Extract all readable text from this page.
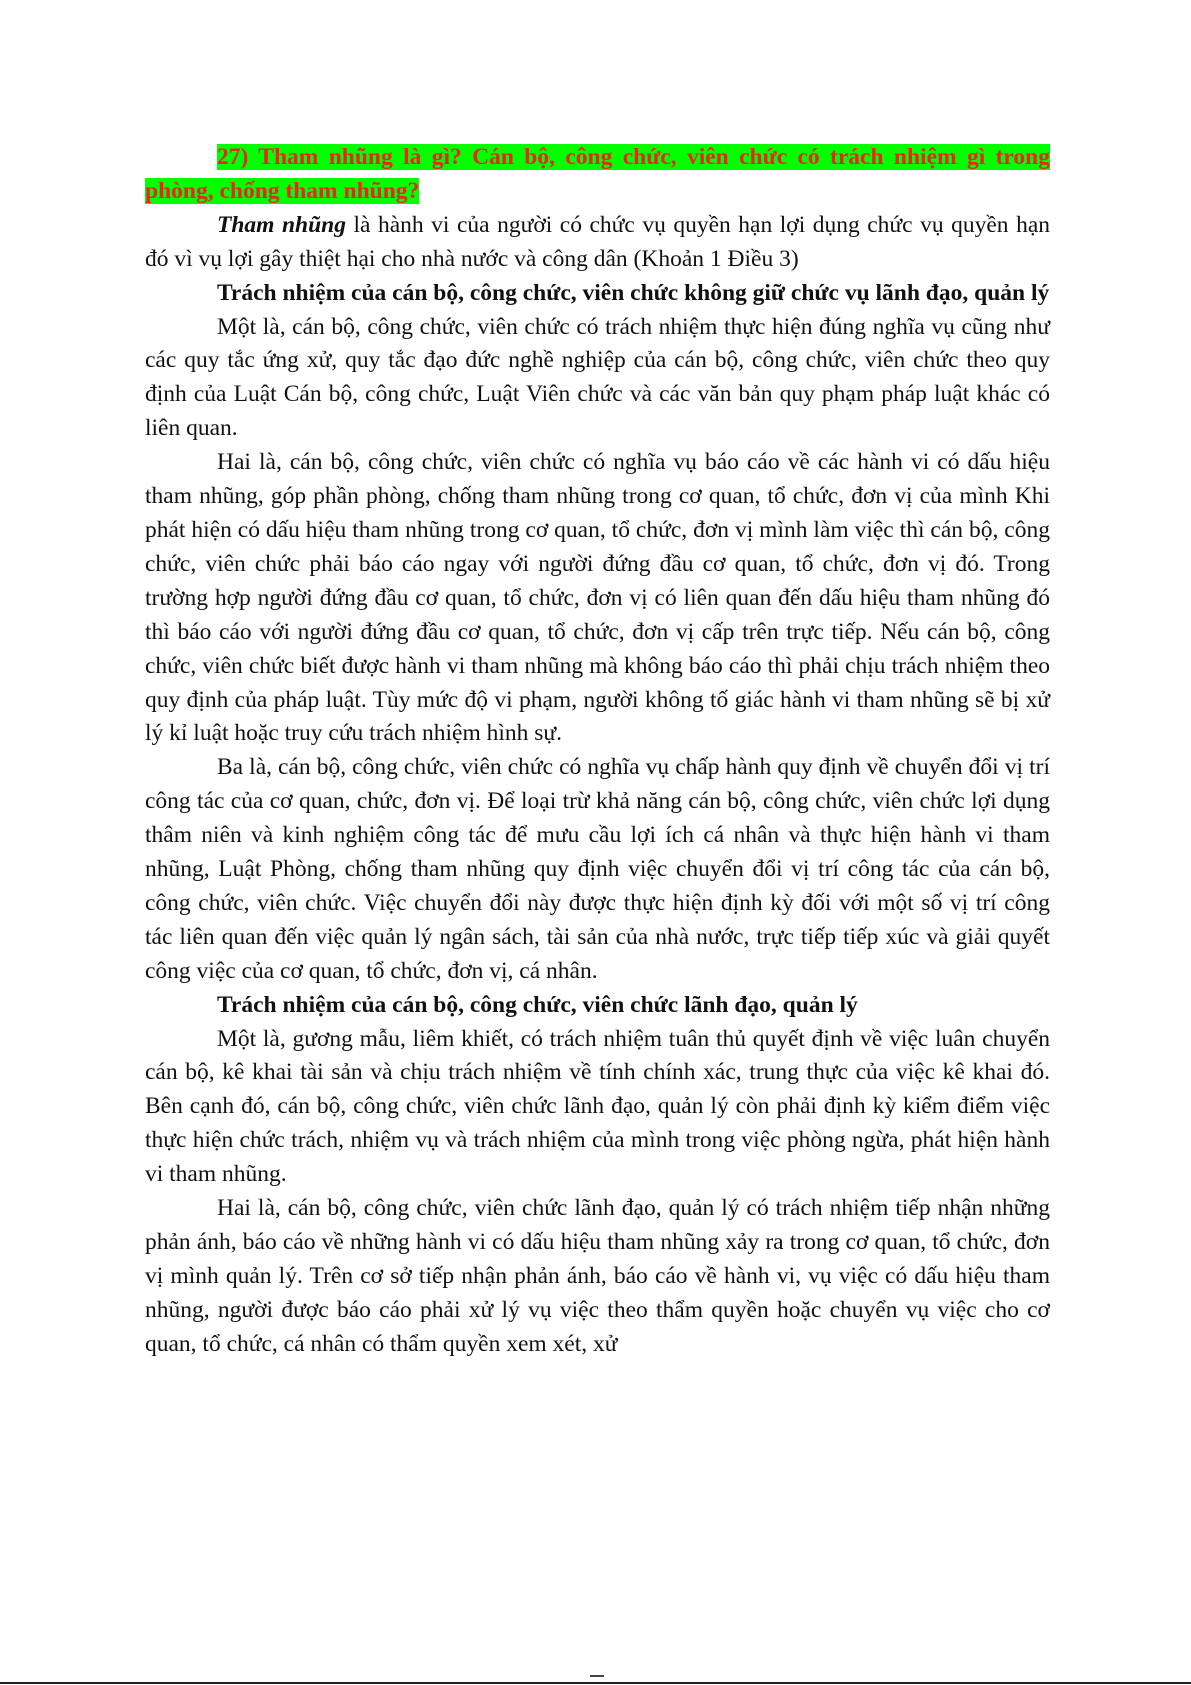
27) Tham nhũng là gì? Cán bộ, công chức, viên chức có trách nhiệm gì trong phòng, chống tham nhũng?

Tham nhũng là hành vi của người có chức vụ quyền hạn lợi dụng chức vụ quyền hạn đó vì vụ lợi gây thiệt hại cho nhà nước và công dân (Khoản 1 Điều 3)

Trách nhiệm của cán bộ, công chức, viên chức không giữ chức vụ lãnh đạo, quản lý

Một là, cán bộ, công chức, viên chức có trách nhiệm thực hiện đúng nghĩa vụ cũng như các quy tắc ứng xử, quy tắc đạo đức nghề nghiệp của cán bộ, công chức, viên chức theo quy định của Luật Cán bộ, công chức, Luật Viên chức và các văn bản quy phạm pháp luật khác có liên quan.

Hai là, cán bộ, công chức, viên chức có nghĩa vụ báo cáo về các hành vi có dấu hiệu tham nhũng, góp phần phòng, chống tham nhũng trong cơ quan, tổ chức, đơn vị của mình Khi phát hiện có dấu hiệu tham nhũng trong cơ quan, tổ chức, đơn vị mình làm việc thì cán bộ, công chức, viên chức phải báo cáo ngay với người đứng đầu cơ quan, tổ chức, đơn vị đó. Trong trường hợp người đứng đầu cơ quan, tổ chức, đơn vị có liên quan đến dấu hiệu tham nhũng đó thì báo cáo với người đứng đầu cơ quan, tổ chức, đơn vị cấp trên trực tiếp. Nếu cán bộ, công chức, viên chức biết được hành vi tham nhũng mà không báo cáo thì phải chịu trách nhiệm theo quy định của pháp luật. Tùy mức độ vi phạm, người không tố giác hành vi tham nhũng sẽ bị xử lý kỉ luật hoặc truy cứu trách nhiệm hình sự.

Ba là, cán bộ, công chức, viên chức có nghĩa vụ chấp hành quy định về chuyển đổi vị trí công tác của cơ quan, chức, đơn vị. Để loại trừ khả năng cán bộ, công chức, viên chức lợi dụng thâm niên và kinh nghiệm công tác để mưu cầu lợi ích cá nhân và thực hiện hành vi tham nhũng, Luật Phòng, chống tham nhũng quy định việc chuyển đổi vị trí công tác của cán bộ, công chức, viên chức. Việc chuyển đổi này được thực hiện định kỳ đối với một số vị trí công tác liên quan đến việc quản lý ngân sách, tài sản của nhà nước, trực tiếp tiếp xúc và giải quyết công việc của cơ quan, tổ chức, đơn vị, cá nhân.

Trách nhiệm của cán bộ, công chức, viên chức lãnh đạo, quản lý

Một là, gương mẫu, liêm khiết, có trách nhiệm tuân thủ quyết định về việc luân chuyển cán bộ, kê khai tài sản và chịu trách nhiệm về tính chính xác, trung thực của việc kê khai đó. Bên cạnh đó, cán bộ, công chức, viên chức lãnh đạo, quản lý còn phải định kỳ kiểm điểm việc thực hiện chức trách, nhiệm vụ và trách nhiệm của mình trong việc phòng ngừa, phát hiện hành vi tham nhũng.

Hai là, cán bộ, công chức, viên chức lãnh đạo, quản lý có trách nhiệm tiếp nhận những phản ánh, báo cáo về những hành vi có dấu hiệu tham nhũng xảy ra trong cơ quan, tổ chức, đơn vị mình quản lý. Trên cơ sở tiếp nhận phản ánh, báo cáo về hành vi, vụ việc có dấu hiệu tham nhũng, người được báo cáo phải xử lý vụ việc theo thẩm quyền hoặc chuyển vụ việc cho cơ quan, tổ chức, cá nhân có thẩm quyền xem xét, xử
